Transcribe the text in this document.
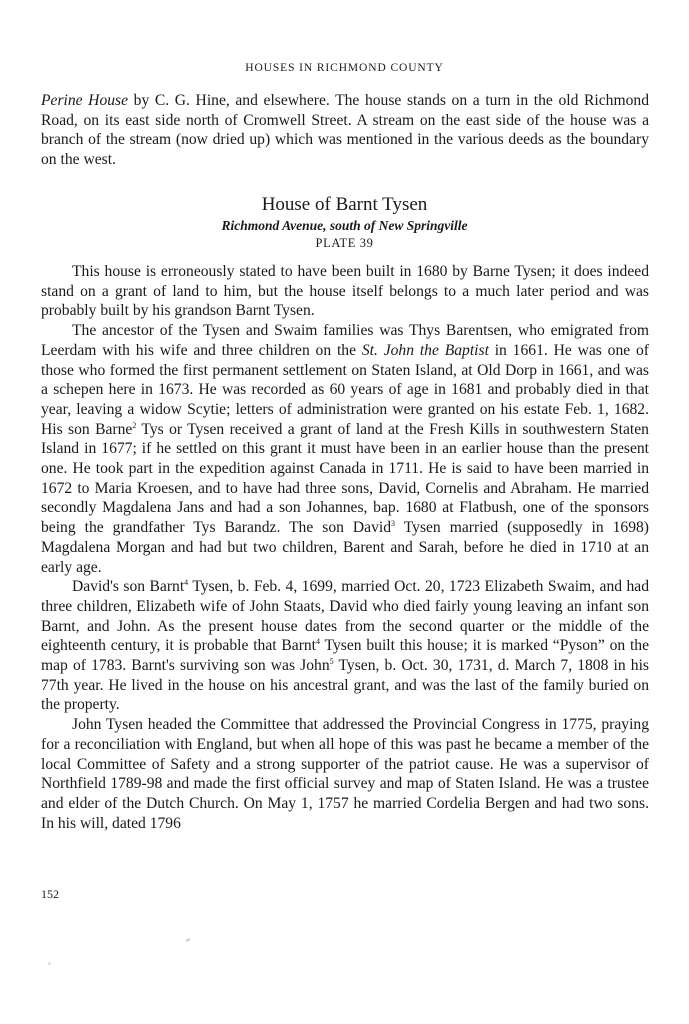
HOUSES IN RICHMOND COUNTY

Perine House by C. G. Hine, and elsewhere. The house stands on a turn in the old Richmond Road, on its east side north of Cromwell Street. A stream on the east side of the house was a branch of the stream (now dried up) which was mentioned in the various deeds as the boundary on the west.

House of Barnt Tysen
Richmond Avenue, south of New Springville
PLATE 39

This house is erroneously stated to have been built in 1680 by Barne Tysen; it does indeed stand on a grant of land to him, but the house itself belongs to a much later period and was probably built by his grandson Barnt Tysen.

The ancestor of the Tysen and Swaim families was Thys Barentsen, who emigrated from Leerdam with his wife and three children on the St. John the Baptist in 1661. He was one of those who formed the first permanent settlement on Staten Island, at Old Dorp in 1661, and was a schepen here in 1673. He was recorded as 60 years of age in 1681 and probably died in that year, leaving a widow Scytie; letters of administration were granted on his estate Feb. 1, 1682. His son Barne$^2$ Tys or Tysen received a grant of land at the Fresh Kills in southwestern Staten Island in 1677; if he settled on this grant it must have been in an earlier house than the present one. He took part in the expedition against Canada in 1711. He is said to have been married in 1672 to Maria Kroesen, and to have had three sons, David, Cornelis and Abraham. He married secondly Magdalena Jans and had a son Johannes, bap. 1680 at Flatbush, one of the sponsors being the grandfather Tys Barandz. The son David$^3$ Tysen married (supposedly in 1698) Magdalena Morgan and had but two children, Barent and Sarah, before he died in 1710 at an early age.

David's son Barnt$^4$ Tysen, b. Feb. 4, 1699, married Oct. 20, 1723 Elizabeth Swaim, and had three children, Elizabeth wife of John Staats, David who died fairly young leaving an infant son Barnt, and John. As the present house dates from the second quarter or the middle of the eighteenth century, it is probable that Barnt$^4$ Tysen built this house; it is marked “Pyson” on the map of 1783. Barnt's surviving son was John$^5$ Tysen, b. Oct. 30, 1731, d. March 7, 1808 in his 77th year. He lived in the house on his ancestral grant, and was the last of the family buried on the property.

John Tysen headed the Committee that addressed the Provincial Congress in 1775, praying for a reconciliation with England, but when all hope of this was past he became a member of the local Committee of Safety and a strong supporter of the patriot cause. He was a supervisor of Northfield 1789-98 and made the first official survey and map of Staten Island. He was a trustee and elder of the Dutch Church. On May 1, 1757 he married Cordelia Bergen and had two sons. In his will, dated 1796

152
